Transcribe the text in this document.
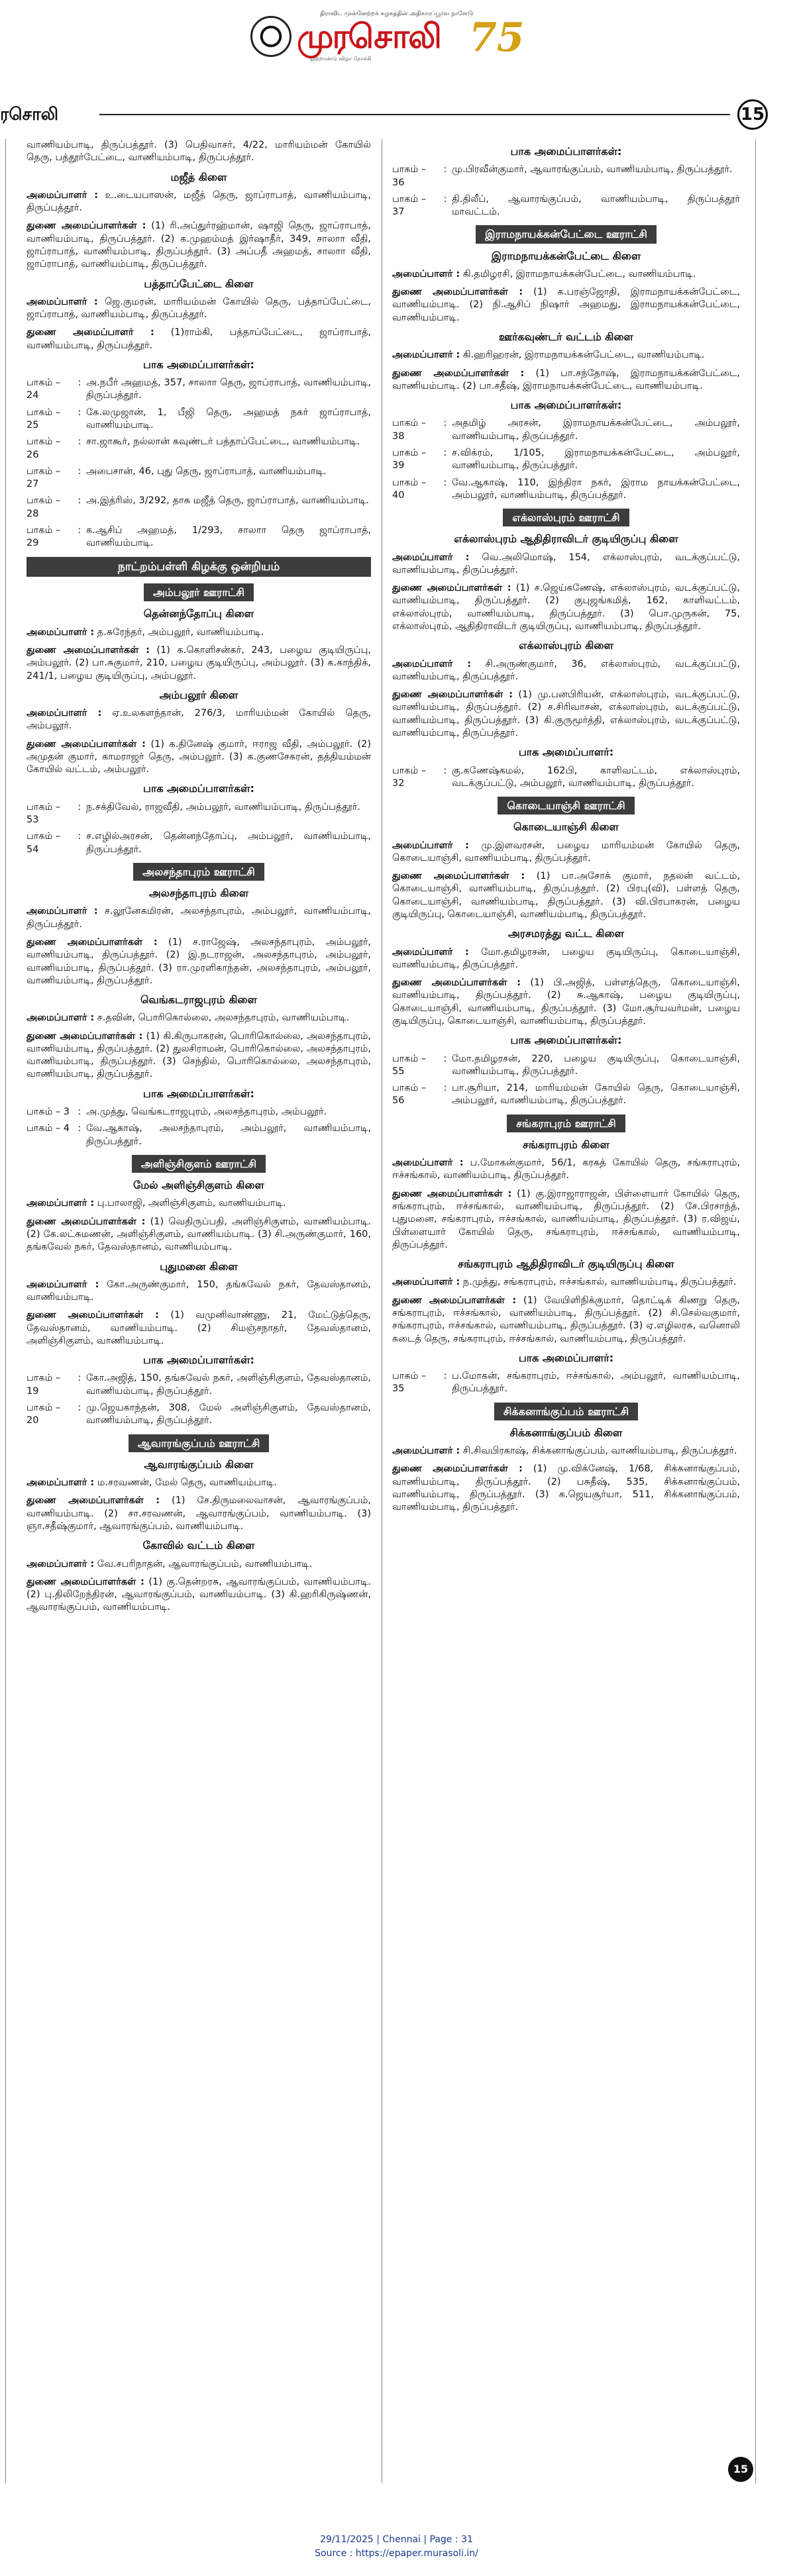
திராவிட முன்னேற்றக் கழகத்தின் அதிகாரப்பூர்வ நாளேடு
முரசொலி 75
நூற்றாண்டு விழா நோக்கி
ரசொலி	15

வாணியம்பாடி, திருப்பத்தூர். (3) பெதிவாசர், 4/22, மாரியம்மன் கோயில் தெரு, பத்தூர்பேட்டை, வாணியம்பாடி, திருப்பத்தூர்.

மஜீத் கிளை

அமைப்பாளர் : உ.டையபாஸன், மஜீத் தெரு, ஜாப்ராபாத், வாணியம்பாடி, திருப்பத்தூர்.

துணை அமைப்பாளர்கள் : (1) ரி.அப்துர்ரஹ்மான், ஷாஜி தெரு, ஜாப்ராபாத், வாணியம்பாடி, திருப்பத்தூர். (2) க.முஹம்மத் இர்ஷாதீர், 349, சாலாா வீதி, ஜாப்ராபாத், வாணியம்பாடி, திருப்பத்தூர். (3) அப்பதீ அஹமத், சாலாா வீதி, ஜாப்ராபாத், வாணியம்பாடி, திருப்பத்தூர்.

பத்தாப்பேட்டை கிளை

அமைப்பாளர் : ஜெ.குமரன், மாரியம்மன் கோயில் தெரு, பத்தாப்பேட்டை, ஜாப்ராபாத், வாணியம்பாடி, திருப்பத்தூர்.

துணை அமைப்பாளர் : (1)ராம்கி, பத்தாப்பேட்டை, ஜாப்ராபாத், வாணியம்பாடி, திருப்பத்தூர்.

பாக அமைப்பாளர்கள்:
பாகம் – 24
: அ.நபீர் அஹமத், 357, சாலாா தெரு, ஜாப்ராபாத், வாணியம்பாடி, திருப்பத்தூர்.
பாகம் – 25
: கே.லமுஜான், 1, பீஜி தெரு, அஹமத் நகர் ஜாப்ராபாத், வாணியம்பாடி.
பாகம் – 26
: சா.ஜாகூர், நல்லான் கவுண்டர் பத்தாப்பேட்டை, வாணியம்பாடி.
பாகம் – 27
: அபைசான், 46, புது தெரு, ஜாப்ராபாத், வாணியம்பாடி.
பாகம் – 28
: அ.இத்ரிஸ், 3/292, தாசு மஜீத் தெரு, ஜாப்ராபாத், வாணியம்பாடி.
பாகம் – 29
: க.ஆசிப் அஹமத், 1/293, சாலாா தெரு ஜாப்ராபாத், வாணியம்பாடி.
நாட்றம்பள்ளி கிழக்கு ஒன்றியம்
அம்பலூர் ஊராட்சி
தென்னந்தோப்பு கிளை

அமைப்பாளர் : த.சுரேந்தர், அம்பலூர், வாணியம்பாடி.

துணை அமைப்பாளர்கள் : (1) க.கொளிசன்கர், 243, பழைய குடியிருப்பு, அம்பலூர். (2) பா.சுகுமார், 210, பழைய குடியிருப்பு, அம்பலூர். (3) க.காந்திக், 241/1, பழைய குடியிருப்பு, அம்பலூர்.

அம்பலூர் கிளை

அமைப்பாளர் : ஏ.உலகளந்தான், 276/3, மாரியம்மன் கோயில் தெரு, அம்பலூர்.

துணை அமைப்பாளர்கள் : (1) க.தினேஷ் குமார், ஈராஜ வீதி, அம்பலூர். (2) அமுதன் குமார், காமராஜர் தெரு, அம்பலூர். (3) க.குணசேகரன், தத்தியம்மன் கோயில் வட்டம், அம்பலூர்.

பாக அமைப்பாளர்கள்:
பாகம் – 53
: ந.சக்திவேல், ராஜவீதி, அம்பலூர், வாணியம்பாடி, திருப்பத்தூர்.
பாகம் – 54
: ச.எழில்அரசன், தென்னந்தோப்பு, அம்பலூர், வாணியம்பாடி, திருப்பத்தூர்.
அலசந்தாபுரம் ஊராட்சி
அலசந்தாபுரம் கிளை

அமைப்பாளர் : ச.லூனேகமிரன், அலசந்தாபுரம், அம்பலூர், வாணியம்பாடி, திருப்பத்தூர்.

துணை அமைப்பாளர்கள் : (1) ச.ராஜேஷ், அலசந்தாபுரம், அம்பலூர், வாணியம்பாடி, திருப்பத்தூர். (2) இ.நடராஜன், அலசந்தாபுரம், அம்பலூர், வாணியம்பாடி, திருப்பத்தூர். (3) ரா.முரளிகாந்தன், அலசந்தாபுரம், அம்பலூர், வாணியம்பாடி, திருப்பத்தூர்.

வெங்கடராஜபுரம் கிளை

அமைப்பாளர் : ச.தவின், பொரிகொல்லை, அலசந்தாபுரம், வாணியம்பாடி.

துணை அமைப்பாளர்கள் : (1) கி.கிருபாகரன், பொரிகொல்லை, அலசந்தாபுரம், வாணியம்பாடி, திருப்பத்தூர். (2) துலசிராமன், பொரிகொல்லை, அலசந்தாபுரம், வாணியம்பாடி, திருப்பத்தூர். (3) செந்தில், பொரிகொல்லை, அலசந்தாபுரம், வாணியம்பாடி, திருப்பத்தூர்.

பாக அமைப்பாளர்கள்:
பாகம் – 3 : அ.முத்து, வெங்கடராஜபுரம், அலசந்தாபுரம், அம்பலூர்.
பாகம் – 4 : வே.ஆகாஷ், அலசந்தாபுரம், அம்பலூர், வாணியம்பாடி, திருப்பத்தூர்.
அளிஞ்சிகுளம் ஊராட்சி
மேல் அளிஞ்சிகுளம் கிளை

அமைப்பாளர் : பு.பாலாஜி, அளிஞ்சிகுளம், வாணியம்பாடி.

துணை அமைப்பாளர்கள் : (1) வெதிருப்பதி, அளிஞ்சிகுளம், வாணியம்பாடி. (2) கே.லட்சுமணன், அளிஞ்சிகுளம், வாணியம்பாடி. (3) சி.அருண்குமார், 160, தங்கவேல் நகர், தேவஸ்தானம், வாணியம்பாடி.

புதுமனை கிளை

அமைப்பாளர் : கோ.அருண்குமார், 150, தங்கவேல் நகர், தேவஸ்தானம், வாணியம்பாடி.

துணை அமைப்பாளர்கள் : (1) வமுனிவாண்ணு, 21, மேட்டுத்தெரு, தேவஸ்தானம், வாணியம்பாடி. (2) சிமஞ்சநாதர், தேவஸ்தானம், அளிஞ்சிகுளம், வாணியம்பாடி.

பாக அமைப்பாளர்கள்:
பாகம் – 19
: கோ.அஜித், 150, தங்கவேல் நகர், அளிஞ்சிகுளம், தேவஸ்தானம், வாணியம்பாடி, திருப்பத்தூர்.
பாகம் – 20
: மு.ஜெயகாந்தன், 308, மேல் அளிஞ்சிகுளம், தேவஸ்தானம், வாணியம்பாடி, திருப்பத்தூர்.
ஆவாரங்குப்பம் ஊராட்சி
ஆவாரங்குப்பம் கிளை

அமைப்பாளர் : ம.சரவணன், மேல் தெரு, வாணியம்பாடி.

துணை அமைப்பாளர்கள் : (1) சே.திருமலைவாசன், ஆவாரங்குப்பம், வாணியம்பாடி. (2) சா.சரவணன், ஆவாரங்குப்பம், வாணியம்பாடி. (3) ஞா.சதீஷ்குமார், ஆவாரங்குப்பம், வாணியம்பாடி.

கோவில் வட்டம் கிளை

அமைப்பாளர் : வே.சபரிநாதன், ஆவாரங்குப்பம், வாணியம்பாடி.

துணை அமைப்பாளர்கள் : (1) கு.தென்றரசு, ஆவாரங்குப்பம், வாணியம்பாடி. (2) பு.திலிறேந்திரன், ஆவாரங்குப்பம், வாணியம்பாடி. (3) கி.ஹரிகிருஷ்ணன், ஆவாரங்குப்பம், வாணியம்பாடி.

பாக அமைப்பாளர்கள்:
பாகம் – 36
: மு.பிரவீன்குமார், ஆவாரங்குப்பம், வாணியம்பாடி, திருப்பத்தூர்.
பாகம் – 37
: தி.திலீப், ஆவாரங்குப்பம், வாணியம்பாடி, திருப்பத்தூர் மாவட்டம்.
இராமநாயக்கன்பேட்டை ஊராட்சி
இராமநாயக்கன்பேட்டை கிளை

அமைப்பாளர் : கி.தமிழரசி, இராமநாயக்கன்பேட்டை, வாணியம்பாடி.

துணை அமைப்பாளர்கள் : (1) க.பரஞ்ஜோதி, இராமநாயக்கன்பேட்டை, வாணியம்பாடி. (2) நி.ஆசிப் நிஷார் அஹமது, இராமநாயக்கன்பேட்டை, வாணியம்பாடி.

ஊர்கவுண்டர் வட்டம் கிளை

அமைப்பாளர் : கி.ஹரிஹரன், இராமநாயக்கன்பேட்டை, வாணியம்பாடி.

துணை அமைப்பாளர்கள் : (1) பா.சந்தோஷ், இராமநாயக்கன்பேட்டை, வாணியம்பாடி. (2) பா.சதீஷ், இராமநாயக்கன்பேட்டை, வாணியம்பாடி.

பாக அமைப்பாளர்கள்:
பாகம் – 38
: அதமிழ் அரசன், இராமநாயக்கன்பேட்டை, அம்பலூர், வாணியம்பாடி, திருப்பத்தூர்.
பாகம் – 39
: ச.விக்ரம், 1/105, இராமநாயக்கன்பேட்டை, அம்பலூர், வாணியம்பாடி, திருப்பத்தூர்.
பாகம் – 40
: வே.ஆகாஷ், 110, இந்திரா நகர், இராம நாயக்கன்பேட்டை, அம்பலூர், வாணியம்பாடி, திருப்பத்தூர்.
எக்லாஸ்புரம் ஊராட்சி
எக்லாஸ்புரம் ஆதிதிராவிடர் குடியிருப்பு கிளை

அமைப்பாளர் : வெ.அலிமொஷ், 154, எக்லாஸ்புரம், வடக்குப்பட்டு, வாணியம்பாடி, திருப்பத்தூர்.

துணை அமைப்பாளர்கள் : (1) ச.ஜெய்கணேஷ், எக்லாஸ்புரம், வடக்குப்பட்டு, வாணியம்பாடி, திருப்பத்தூர். (2) குபுஜங்கமித், 162, காளிவட்டம், எக்லாஸ்புரம், வாணியம்பாடி, திருப்பத்தூர். (3) பொ.முருகன், 75, எக்லாஸ்புரம், ஆதிதிராவிடர் குடியிருப்பு, வாணியம்பாடி, திருப்பத்தூர்.

எக்லாஸ்புரம் கிளை

அமைப்பாளர் : சி.அருண்குமார், 36, எக்லாஸ்புரம், வடக்குப்பட்டு, வாணியம்பாடி, திருப்பத்தூர்.

துணை அமைப்பாளர்கள் : (1) மு.பனபிரியன், எக்லாஸ்புரம், வடக்குப்பட்டு, வாணியம்பாடி, திருப்பத்தூர். (2) ச.சிரிவாசன், எக்லாஸ்புரம், வடக்குப்பட்டு, வாணியம்பாடி, திருப்பத்தூர். (3) கி.குருமூர்த்தி, எக்லாஸ்புரம், வடக்குப்பட்டு, வாணியம்பாடி, திருப்பத்தூர்.

பாக அமைப்பாளர்:
பாகம் – 32
: கு.கணேஷ்கமல், 162பி, காளிவட்டம், எக்லாஸ்புரம், வடக்குப்பட்டு, அம்பலூர், வாணியம்பாடி, திருப்பத்தூர்.
கொடையாஞ்சி ஊராட்சி
கொடையாஞ்சி கிளை

அமைப்பாளர் : மு.இளவரசன், பழைய மாரியம்மன் கோயில் தெரு, கொடையாஞ்சி, வாணியம்பாடி, திருப்பத்தூர்.

துணை அமைப்பாளர்கள் : (1) பா.அசோக் குமார், நதலன் வட்டம், கொடையாஞ்சி, வாணியம்பாடி, திருப்பத்தூர். (2) பிரபு(வி), பள்ளத் தெரு, கொடையாஞ்சி, வாணியம்பாடி, திருப்பத்தூர். (3) வி.பிரபாகரன், பழைய குடியிருப்பு, கொடையாஞ்சி, வாணியம்பாடி, திருப்பத்தூர்.

அரசமரத்து வட்ட கிளை

அமைப்பாளர் : மோ.தமிழரசன், பழைய குடியிருப்பு, கொடையாஞ்சி, வாணியம்பாடி, திருப்பத்தூர்.

துணை அமைப்பாளர்கள் : (1) பி.அஜித், பள்ளத்தெரு, கொடையாஞ்சி, வாணியம்பாடி, திருப்பத்தூர். (2) சு.ஆகாஷ், பழைய குடியிருப்பு, கொடையாஞ்சி, வாணியம்பாடி, திருப்பத்தூர். (3) மோ.சூர்யவர்மன், பழைய குடியிருப்பு, கொடையாஞ்சி, வாணியம்பாடி, திருப்பத்தூர்.

பாக அமைப்பாளர்கள்:
பாகம் – 55
: மோ.தமிழரசன், 220, பழைய குடியிருப்பு, கொடையாஞ்சி, வாணியம்பாடி, திருப்பத்தூர்.
பாகம் – 56
: பா.சூரியா, 214, மாரியம்மன் கோயில் தெரு, கொடையாஞ்சி, அம்பலூர், வாணியம்பாடி, திருப்பத்தூர்.
சங்கராபுரம் ஊராட்சி
சங்கராபுரம் கிளை

அமைப்பாளர் : ப.மோகன்குமார், 56/1, கரகத் கோயில் தெரு, சங்கராபுரம், ஈச்சங்கால், வாணியம்பாடி, திருப்பத்தூர்.

துணை அமைப்பாளர்கள் : (1) கு.இராஜாராஜன், பிள்ளையார் கோயில் தெரு, சங்கராபுரம், ஈச்சங்கால், வாணியம்பாடி, திருப்பத்தூர். (2) சே.பிரசாந்த், புதுமனை, சங்கராபுரம், ஈச்சங்கால், வாணியம்பாடி, திருப்பத்தூர். (3) ர.விஜய், பிள்ளையார் கோயில் தெரு, சங்கராபுரம், ஈச்சங்கால், வாணியம்பாடி, திருப்பத்தூர்.

சங்கராபுரம் ஆதிதிராவிடர் குடியிருப்பு கிளை

அமைப்பாளர் : ந.முத்து, சங்கராபுரம், ஈச்சங்கால், வாணியம்பாடி, திருப்பத்தூர்.

துணை அமைப்பாளர்கள் : (1) வேயிளிநிக்குமார், தொட்டிக் கிணறு தெரு, சங்கராபுரம், ஈச்சங்கால், வாணியம்பாடி, திருப்பத்தூர். (2) சி.செல்வகுமார், சங்கராபுரம், ஈச்சங்கால், வாணியம்பாடி, திருப்பத்தூர். (3) ஏ.எழிலரசு, வனொலி கடைத் தெரு, சங்கராபுரம், ஈச்சங்கால், வாணியம்பாடி, திருப்பத்தூர்.

பாக அமைப்பாளர்:
பாகம் – 35
: ப.மோகன், சங்கராபுரம், ஈச்சங்கால், அம்பலூர், வாணியம்பாடி, திருப்பத்தூர்.
சிக்கனாங்குப்பம் ஊராட்சி
சிக்கனாங்குப்பம் கிளை

அமைப்பாளர் : சி.சிவபிரகாஷ், சிக்கனாங்குப்பம், வாணியம்பாடி, திருப்பத்தூர்.

துணை அமைப்பாளர்கள் : (1) மு.விக்னேஷ், 1/68, சிக்கனாங்குப்பம், வாணியம்பாடி, திருப்பத்தூர். (2) பசுதீஷ், 535, சிக்கனாங்குப்பம், வாணியம்பாடி, திருப்பத்தூர். (3) க.ஜெயசூர்யா, 511, சிக்கனாங்குப்பம், வாணியம்பாடி, திருப்பத்தூர்.

15
29/11/2025 | Chennai | Page : 31
Source : https://epaper.murasoli.in/
